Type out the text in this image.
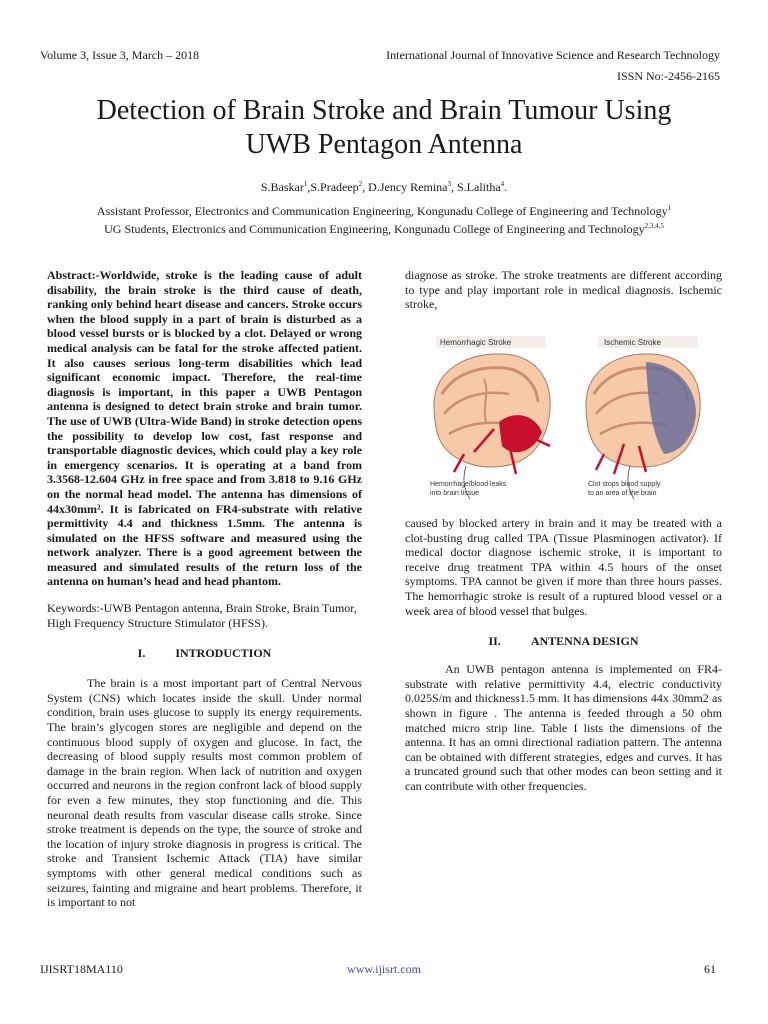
Volume 3, Issue 3, March – 2018	International Journal of Innovative Science and Research Technology
ISSN No:-2456-2165
Detection of Brain Stroke and Brain Tumour Using
UWB Pentagon Antenna
S.Baskar$^1$,S.Pradeep$^2$, D.Jency Remina$^3$, S.Lalitha$^4$.
Assistant Professor, Electronics and Communication Engineering, Kongunadu College of Engineering and Technology$^1$
UG Students, Electronics and Communication Engineering, Kongunadu College of Engineering and Technology$^{2,3,4,5}$

Abstract:-Worldwide, stroke is the leading cause of adult disability, the brain stroke is the third cause of death, ranking only behind heart disease and cancers. Stroke occurs when the blood supply in a part of brain is disturbed as a blood vessel bursts or is blocked by a clot. Delayed or wrong medical analysis can be fatal for the stroke affected patient. It also causes serious long-term disabilities which lead significant economic impact. Therefore, the real-time diagnosis is important, in this paper a UWB Pentagon antenna is designed to detect brain stroke and brain tumor. The use of UWB (Ultra-Wide Band) in stroke detection opens the possibility to develop low cost, fast response and transportable diagnostic devices, which could play a key role in emergency scenarios. It is operating at a band from 3.3568-12.604 GHz in free space and from 3.818 to 9.16 GHz on the normal head model. The antenna has dimensions of 44x30mm². It is fabricated on FR4-substrate with relative permittivity 4.4 and thickness 1.5mm. The antenna is simulated on the HFSS software and measured using the network analyzer. There is a good agreement between the measured and simulated results of the return loss of the antenna on human’s head and head phantom.

Keywords:-UWB Pentagon antenna, Brain Stroke, Brain Tumor, High Frequency Structure Stimulator (HFSS).

I.	INTRODUCTION

The brain is a most important part of Central Nervous System (CNS) which locates inside the skull. Under normal condition, brain uses glucose to supply its energy requirements. The brain’s glycogen stores are negligible and depend on the continuous blood supply of oxygen and glucose. In fact, the decreasing of blood supply results most common problem of damage in the brain region. When lack of nutrition and oxygen occurred and neurons in the region confront lack of blood supply for even a few minutes, they stop functioning and die. This neuronal death results from vascular disease calls stroke. Since stroke treatment is depends on the type, the source of stroke and the location of injury stroke diagnosis in progress is critical. The stroke and Transient Ischemic Attack (TIA) have similar symptoms with other general medical conditions such as seizures, fainting and migraine and heart problems. Therefore, it is important to not

diagnose as stroke. The stroke treatments are different according to type and play important role in medical diagnosis. Ischemic stroke,

Hemorrhagic Stroke	Ischemic Stroke
Hemorrhage/blood leaks
into brain tissue
Clot stops blood supply
to an area of the brain

caused by blocked artery in brain and it may be treated with a clot-busting drug called TPA (Tissue Plasminogen activator). If medical doctor diagnose ischemic stroke, it is important to receive drug treatment TPA within 4.5 hours of the onset symptoms. TPA cannot be given if more than three hours passes. The hemorrhagic stroke is result of a ruptured blood vessel or a week area of blood vessel that bulges.

II.	ANTENNA DESIGN

An UWB pentagon antenna is implemented on FR4-substrate with relative permittivity 4.4, electric conductivity 0.025S/m and thickness1.5 mm. It has dimensions 44x 30mm2 as shown in figure . The antenna is feeded through a 50 ohm matched micro strip line. Table I lists the dimensions of the antenna. It has an omni directional radiation pattern. The antenna can be obtained with different strategies, edges and curves. It has a truncated ground such that other modes can beon setting and it can contribute with other frequencies.

IJISRT18MA110	www.ijisrt.com	61
